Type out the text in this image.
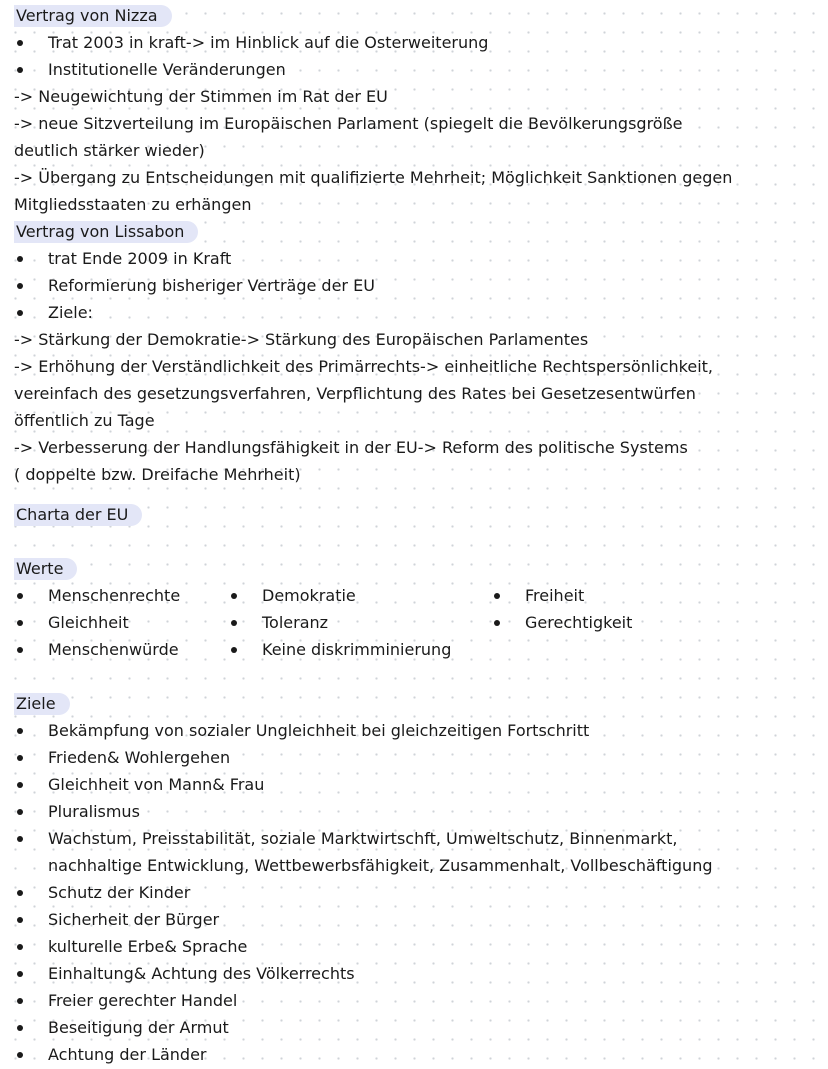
Vertrag von Nizza
Trat 2003 in kraft-> im Hinblick auf die Osterweiterung
Institutionelle Veränderungen
-> Neugewichtung der Stimmen im Rat der EU
-> neue Sitzverteilung im Europäischen Parlament (spiegelt die Bevölkerungsgröße
deutlich stärker wieder)
-> Übergang zu Entscheidungen mit qualifizierte Mehrheit; Möglichkeit Sanktionen gegen
Mitgliedsstaaten zu erhängen
Vertrag von Lissabon
trat Ende 2009 in Kraft
Reformierung bisheriger Verträge der EU
Ziele:
-> Stärkung der Demokratie-> Stärkung des Europäischen Parlamentes
-> Erhöhung der Verständlichkeit des Primärrechts-> einheitliche Rechtspersönlichkeit,
vereinfach des gesetzungsverfahren, Verpflichtung des Rates bei Gesetzesentwürfen
öffentlich zu Tage
-> Verbesserung der Handlungsfähigkeit in der EU-> Reform des politische Systems
( doppelte bzw. Dreifache Mehrheit)
Charta der EU
Werte
Menschenrechte	Demokratie	Freiheit
Gleichheit	Toleranz	Gerechtigkeit
Menschenwürde	Keine diskrimminierung
Ziele
Bekämpfung von sozialer Ungleichheit bei gleichzeitigen Fortschritt
Frieden& Wohlergehen
Gleichheit von Mann& Frau
Pluralismus
Wachstum, Preisstabilität, soziale Marktwirtschft, Umweltschutz, Binnenmarkt,
nachhaltige Entwicklung, Wettbewerbsfähigkeit, Zusammenhalt, Vollbeschäftigung
Schutz der Kinder
Sicherheit der Bürger
kulturelle Erbe& Sprache
Einhaltung& Achtung des Völkerrechts
Freier gerechter Handel
Beseitigung der Armut
Achtung der Länder
